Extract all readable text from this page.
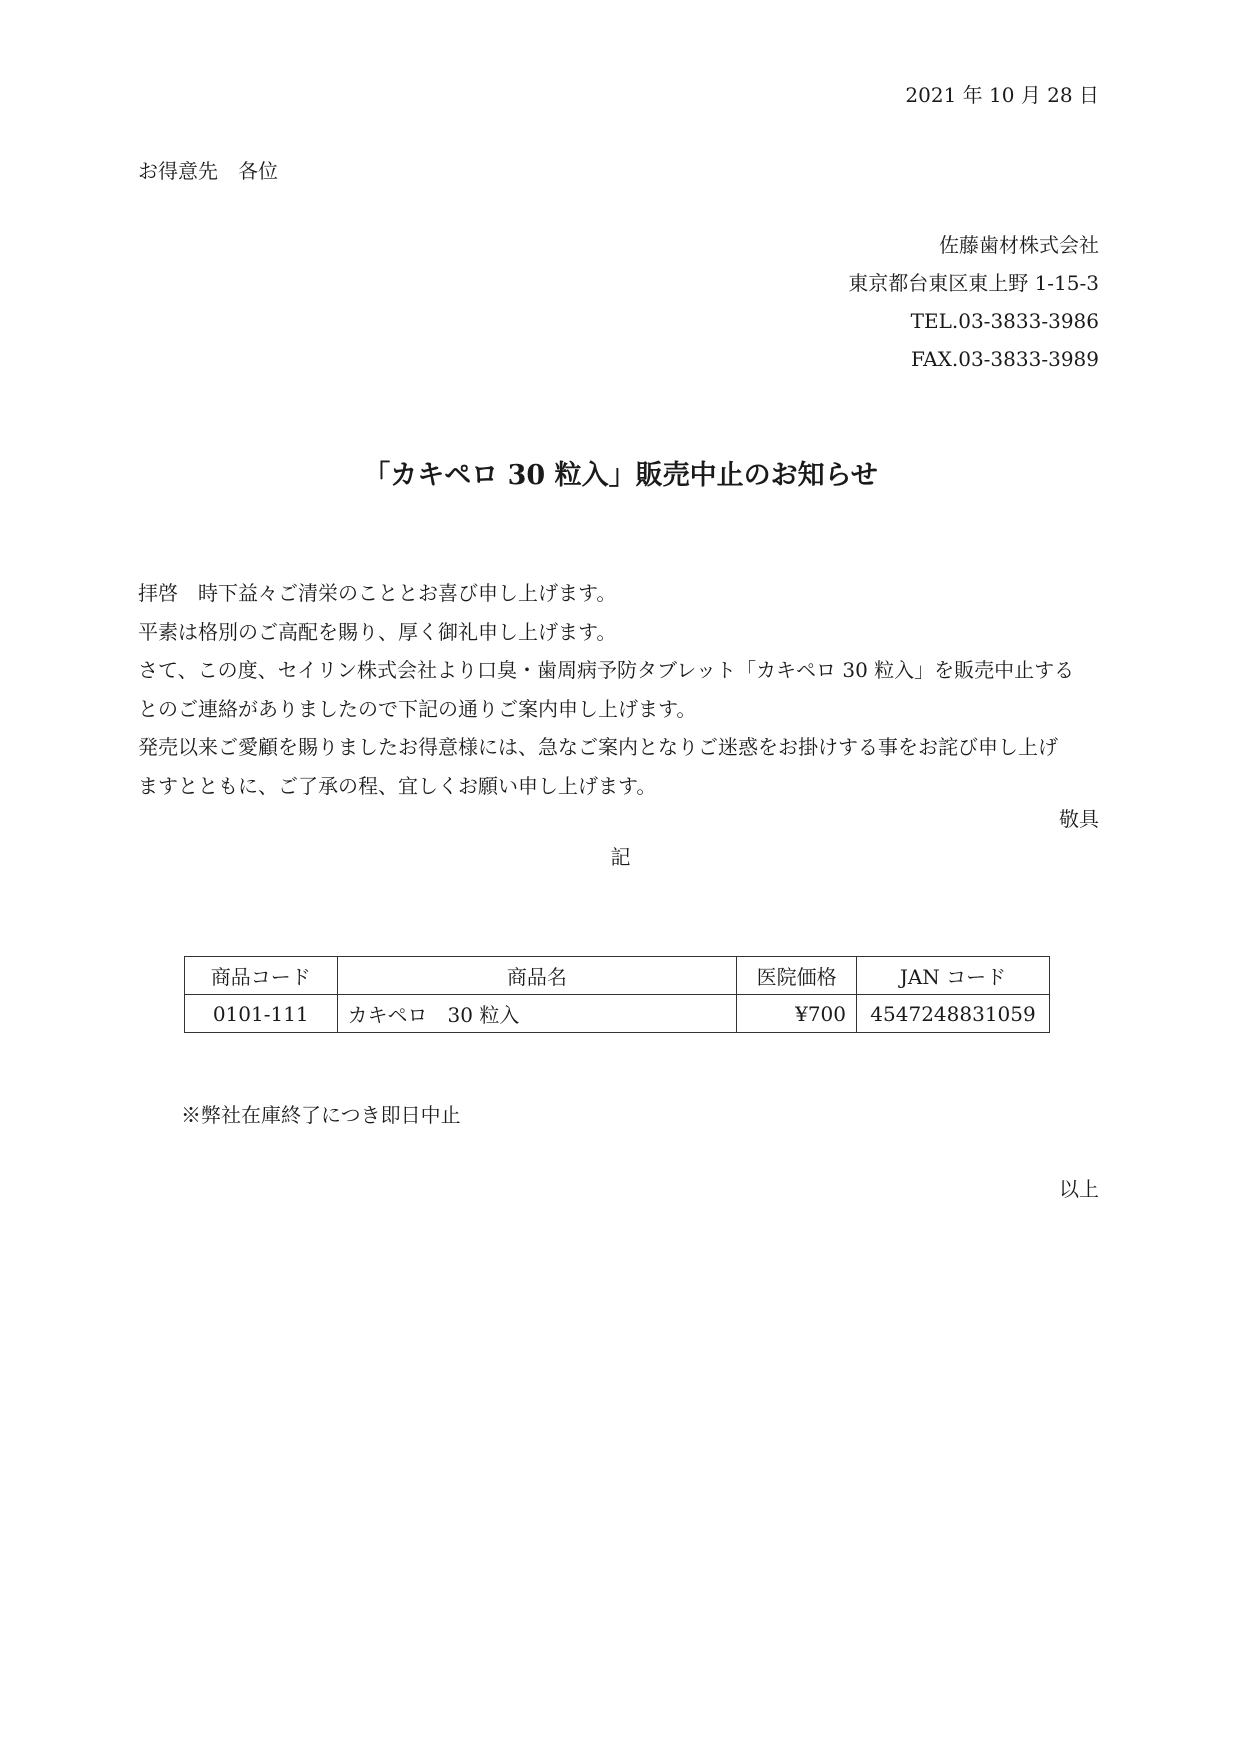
2021 年 10 月 28 日
お得意先　各位
佐藤歯材株式会社
東京都台東区東上野 1-15-3
TEL.03-3833-3986
FAX.03-3833-3989
「カキペロ 30 粒入」販売中止のお知らせ
拝啓　時下益々ご清栄のこととお喜び申し上げます。
平素は格別のご高配を賜り、厚く御礼申し上げます。
さて、この度、セイリン株式会社より口臭・歯周病予防タブレット「カキペロ 30 粒入」を販売中止する
とのご連絡がありましたので下記の通りご案内申し上げます。
発売以来ご愛顧を賜りましたお得意様には、急なご案内となりご迷惑をお掛けする事をお詫び申し上げ
ますとともに、ご了承の程、宜しくお願い申し上げます。
敬具
記
商品コード	商品名	医院価格	JAN コード
0101-111	カキペロ　30 粒入	¥700	4547248831059
※弊社在庫終了につき即日中止
以上
